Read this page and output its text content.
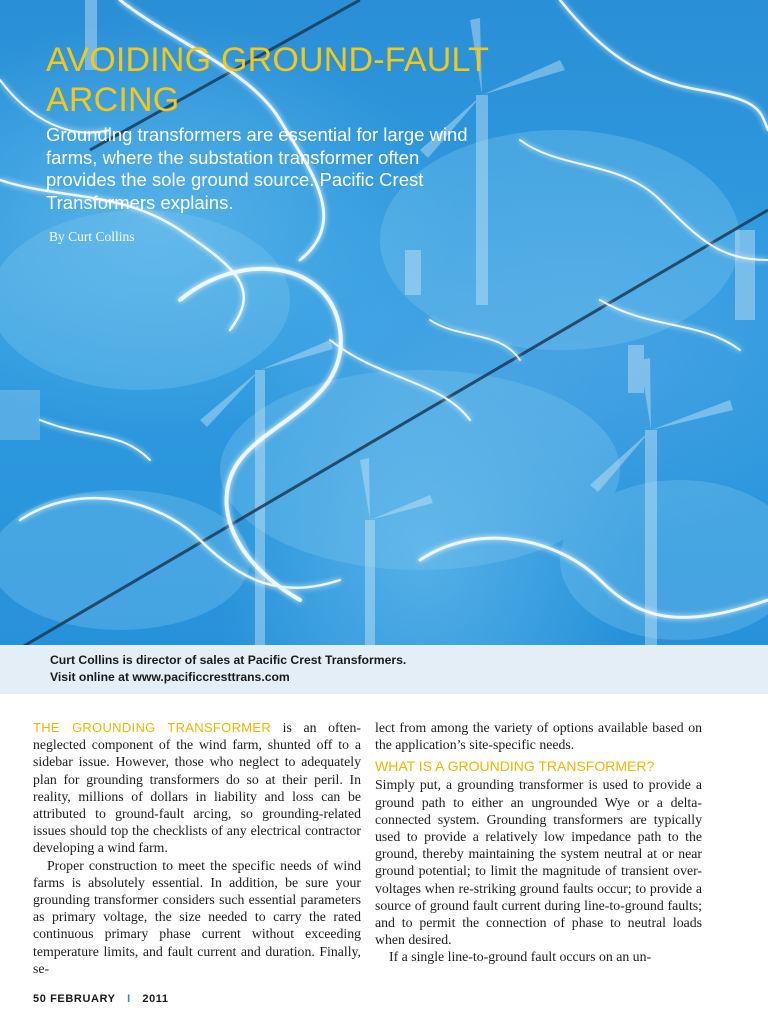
AVOIDING GROUND-FAULT ARCING

Grounding transformers are essential for large wind farms, where the substation transformer often provides the sole ground source. Pacific Crest Transformers explains.

By Curt Collins
Curt Collins is director of sales at Pacific Crest Transformers.
Visit online at www.pacificcresttrans.com

THE GROUNDING TRANSFORMER is an often-neglected component of the wind farm, shunted off to a sidebar issue. However, those who neglect to adequately plan for grounding transformers do so at their peril. In reality, millions of dollars in liability and loss can be attributed to ground-fault arcing, so grounding-related issues should top the checklists of any electrical contractor developing a wind farm.

Proper construction to meet the specific needs of wind farms is absolutely essential. In addition, be sure your grounding transformer considers such essential parameters as primary voltage, the size needed to carry the rated continuous primary phase current without exceeding temperature limits, and fault current and duration. Finally, se-

lect from among the variety of options available based on the application’s site-specific needs.

WHAT IS A GROUNDING TRANSFORMER?

Simply put, a grounding transformer is used to provide a ground path to either an ungrounded Wye or a delta-connected system. Grounding transformers are typically used to provide a relatively low impedance path to the ground, thereby maintaining the system neutral at or near ground potential; to limit the magnitude of transient over-voltages when re-striking ground faults occur; to provide a source of ground fault current during line-to-ground faults; and to permit the connection of phase to neutral loads when desired.

If a single line-to-ground fault occurs on an un-

50 FEBRUARY I 2011
